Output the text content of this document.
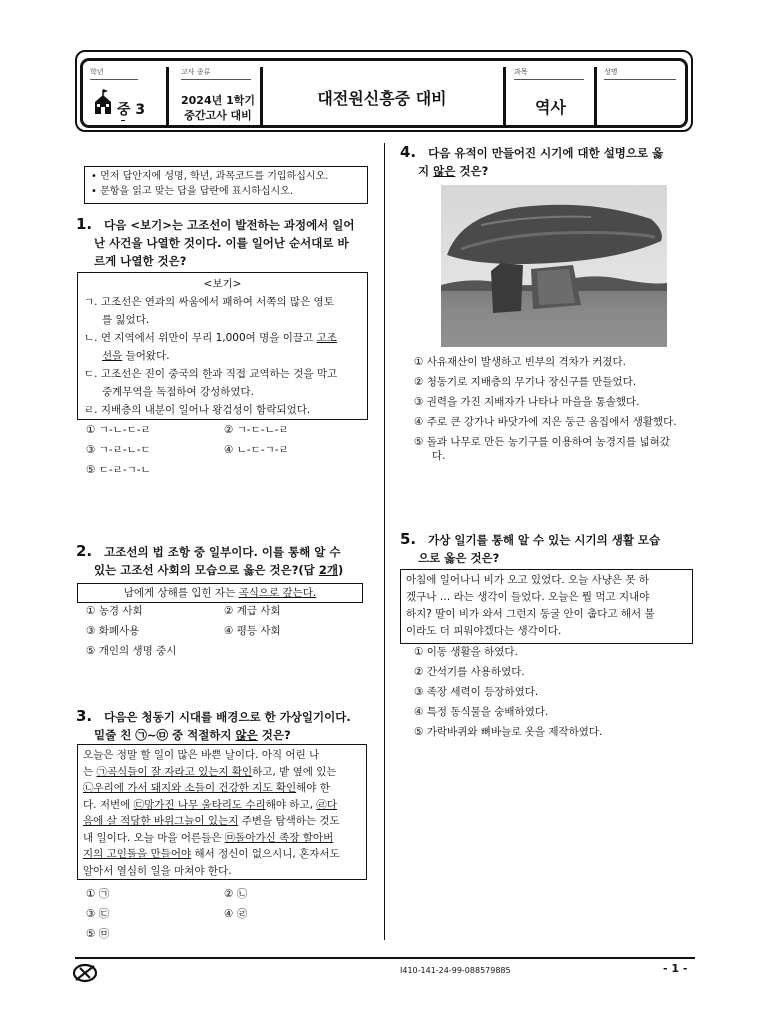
학년
중 3
고사 종류
2024년 1학기
중간고사 대비
대전원신흥중 대비
과목
역사
성명
• 먼저 답안지에 성명, 학년, 과목코드를 기입하십시오.
• 문항을 읽고 맞는 답을 답란에 표시하십시오.
1. 다음 <보기>는 고조선이 발전하는 과정에서 일어
난 사건을 나열한 것이다. 이를 일어난 순서대로 바
르게 나열한 것은?
<보기>
ㄱ. 고조선은 연과의 싸움에서 패하여 서쪽의 많은 영토
를 잃었다.
ㄴ. 연 지역에서 위만이 무리 1,000여 명을 이끌고 고조
선을 들어왔다.
ㄷ. 고조선은 진이 중국의 한과 직접 교역하는 것을 막고
중계무역을 독점하여 강성하였다.
ㄹ. 지배층의 내분이 일어나 왕검성이 함락되었다.
① ㄱ-ㄴ-ㄷ-ㄹ	② ㄱ-ㄷ-ㄴ-ㄹ
③ ㄱ-ㄹ-ㄴ-ㄷ	④ ㄴ-ㄷ-ㄱ-ㄹ
⑤ ㄷ-ㄹ-ㄱ-ㄴ
2. 고조선의 법 조항 중 일부이다. 이를 통해 알 수
있는 고조선 사회의 모습으로 옳은 것은?(답 2개)
남에게 상해를 입힌 자는 곡식으로 갚는다.
① 농경 사회	② 계급 사회
③ 화폐사용	④ 평등 사회
⑤ 개인의 생명 중시
3. 다음은 청동기 시대를 배경으로 한 가상일기이다.
밑줄 친 ㉠~㉤ 중 적절하지 않은 것은?
오늘은 정말 할 일이 많은 바쁜 날이다. 아직 어린 나
는 ㉠곡식들이 잘 자라고 있는지 확인하고, 밭 옆에 있는
㉡우리에 가서 돼지와 소들이 건강한 지도 확인해야 한
다. 저번에 ㉢망가진 나무 울타리도 수리해야 하고, ㉣다
음에 살 적당한 바위그늘이 있는지 주변을 탐색하는 것도
내 일이다. 오늘 마을 어른들은 ㉤돌아가신 족장 할아버
지의 고인돌을 만들어야 해서 정신이 없으시니, 혼자서도
알아서 열심히 일을 마쳐야 한다.
① ㉠	② ㉡
③ ㉢	④ ㉣
⑤ ㉤
4. 다음 유적이 만들어진 시기에 대한 설명으로 옳
지 않은 것은?
① 사유재산이 발생하고 빈부의 격차가 커졌다.
② 청동기로 지배층의 무기나 장신구를 만들었다.
③ 권력을 가진 지배자가 나타나 마을을 통솔했다.
④ 주로 큰 강가나 바닷가에 지은 둥근 움집에서 생활했다.
⑤ 돌과 나무로 만든 농기구를 이용하여 농경지를 넓혀갔
다.
5. 가상 일기를 통해 알 수 있는 시기의 생활 모습
으로 옳은 것은?
아침에 일어나니 비가 오고 있었다. 오늘 사냥은 못 하
겠구나 … 라는 생각이 들었다. 오늘은 뭘 먹고 지내야
하지? 딸이 비가 와서 그런지 동굴 안이 춥다고 해서 불
이라도 더 피워야겠다는 생각이다.
① 이동 생활을 하였다.
② 간석기를 사용하였다.
③ 족장 세력이 등장하였다.
④ 특정 동식물을 숭배하였다.
⑤ 가락바퀴와 뼈바늘로 옷을 제작하였다.
I410-141-24-99-088579885	- 1 -
